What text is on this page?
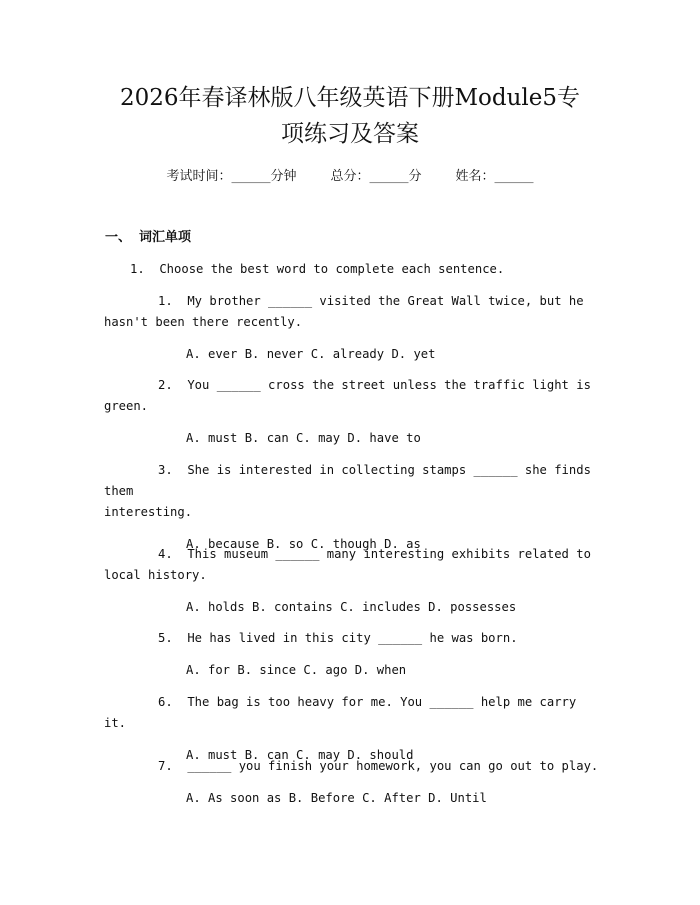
2026年春译林版八年级英语下册Module5专
项练习及答案
考试时间：______分钟	总分：______分	姓名：______
一、 词汇单项
1.  Choose the best word to complete each sentence.

1.  My brother ______ visited the Great Wall twice, but he
hasn't been there recently.

A. ever B. never C. already D. yet

2.  You ______ cross the street unless the traffic light is
green.

A. must B. can C. may D. have to

3.  She is interested in collecting stamps ______ she finds them
interesting.

A. because B. so C. though D. as

4.  This museum ______ many interesting exhibits related to
local history.

A. holds B. contains C. includes D. possesses

5.  He has lived in this city ______ he was born.

A. for B. since C. ago D. when

6.  The bag is too heavy for me. You ______ help me carry it.

A. must B. can C. may D. should

7.  ______ you finish your homework, you can go out to play.

A. As soon as B. Before C. After D. Until
